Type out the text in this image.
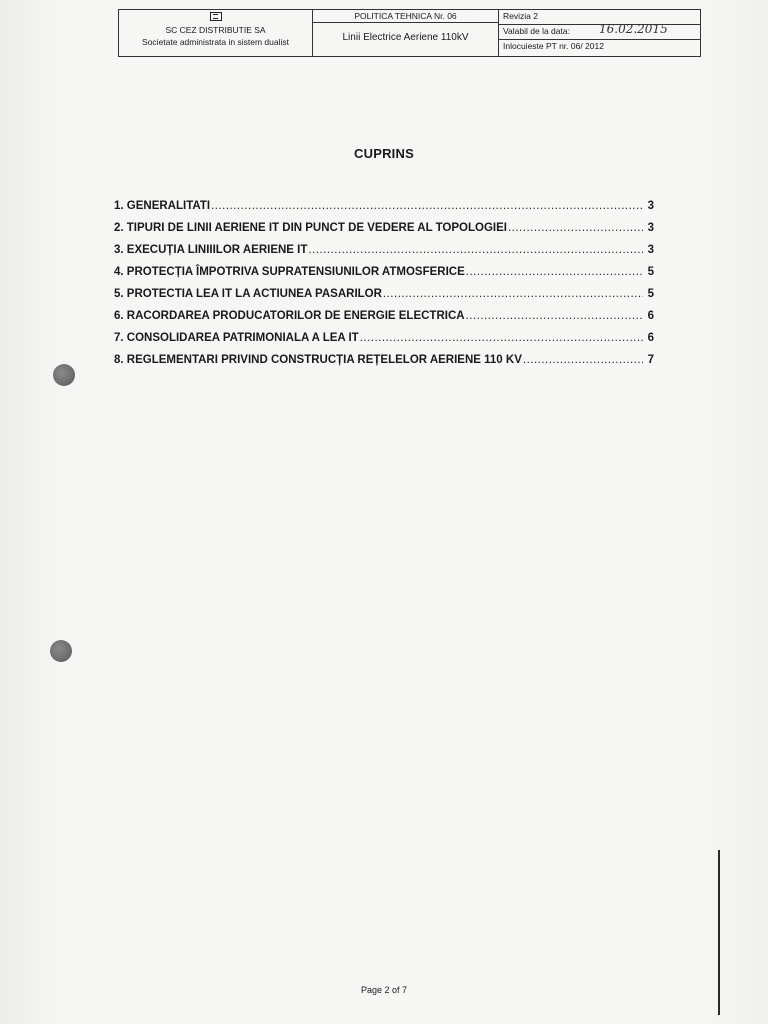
SC CEZ DISTRIBUTIE SA
Societate administrata in sistem dualist
POLITICA TEHNICA Nr. 06
Linii Electrice Aeriene 110kV
Revizia 2
Valabil de la data: 16.02.2015
Inlocuieste PT nr. 06/ 2012
CUPRINS
1. GENERALITATI .....	3
2. TIPURI DE LINII AERIENE IT DIN PUNCT DE VEDERE AL TOPOLOGIEI .....	3
3. EXECUȚIA LINIIILOR AERIENE IT .....	3
4. PROTECȚIA ÎMPOTRIVA SUPRATENSIUNILOR ATMOSFERICE .....	5
5. PROTECTIA LEA IT LA ACTIUNEA PASARILOR .....	5
6. RACORDAREA PRODUCATORILOR DE ENERGIE ELECTRICA .....	6
7. CONSOLIDAREA PATRIMONIALA A LEA IT .....	6
8. REGLEMENTARI PRIVIND CONSTRUCȚIA REȚELELOR AERIENE 110 KV .....	7
Page 2 of 7
